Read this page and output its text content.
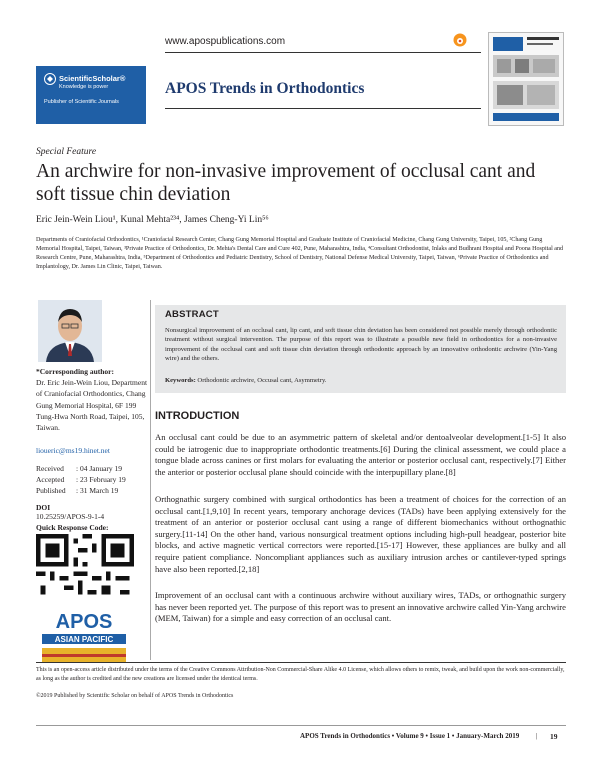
www.apospublications.com
ScientificScholar®
Knowledge is power
Publisher of Scientific Journals
APOS Trends in Orthodontics
Special Feature
An archwire for non-invasive improvement of occlusal cant and soft tissue chin deviation
Eric Jein-Wein Liou¹, Kunal Mehta²³⁴, James Cheng-Yi Lin⁵⁶
Departments of Craniofacial Orthodontics, ¹Craniofacial Research Center, Chang Gung Memorial Hospital and Graduate Institute of Craniofacial Medicine, Chang Gung University, Taipei, 105, ²Chang Gung Memorial Hospital, Taipei, Taiwan, ³Private Practice of Orthodontics, Dr. Mehta's Dental Care and Cure 402, Pune, Maharashtra, India, ⁴Consultant Orthodontist, Inlaks and Budhrani Hospital and Poona Hospital and Research Centre, Pune, Maharashtra, India, ⁵Department of Orthodontics and Pediatric Dentistry, School of Dentistry, National Defense Medical University, Taipei, Taiwan, ⁶Private Practice of Orthodontics and Implantology, Dr. James Lin Clinic, Taipei, Taiwan.
*Corresponding author:
Dr. Eric Jein-Wein Liou, Department of Craniofacial Orthodontics, Chang Gung Memorial Hospital, 6F 199 Tung-Hwa North Road, Taipei, 105, Taiwan.
lioueric@ms19.hinet.net
Received : 04 January 19
Accepted : 23 February 19
Published : 31 March 19
DOI
10.25259/APOS-9-1-4
Quick Response Code:
APOS
ASIAN PACIFIC
ABSTRACT
Nonsurgical improvement of an occlusal cant, lip cant, and soft tissue chin deviation has been considered not possible merely through orthodontic treatment without surgical intervention. The purpose of this report was to illustrate a possible new field in orthodontics for a non-invasive improvement of the occlusal cant and soft tissue chin deviation through orthodontic approach by an innovative orthodontic archwire (Yin-Yang wire) and the others.
Keywords: Orthodontic archwire, Occusal cant, Asymmetry.
INTRODUCTION
An occlusal cant could be due to an asymmetric pattern of skeletal and/or dentoalveolar development.[1-5] It also could be iatrogenic due to inappropriate orthodontic treatments.[6] During the clinical assessment, we could place a tongue blade across canines or first molars for evaluating the anterior or posterior occlusal cant, respectively.[7] Either the anterior or posterior occlusal plane should coincide with the interpupillary plane.[8]
Orthognathic surgery combined with surgical orthodontics has been a treatment of choices for the correction of an occlusal cant.[1,9,10] In recent years, temporary anchorage devices (TADs) have been applying extensively for the treatment of an anterior or posterior occlusal cant using a range of different biomechanics without orthognathic surgery.[11-14] On the other hand, various nonsurgical treatment options including high-pull headgear, posterior bite blocks, and active magnetic vertical correctors were reported.[15-17] However, these appliances are bulky and all require patient compliance. Noncompliant appliances such as auxiliary intrusion arches or cantilever-typed springs have also been reported.[2,18]
Improvement of an occlusal cant with a continuous archwire without auxiliary wires, TADs, or orthognathic surgery has never been reported yet. The purpose of this report was to present an innovative archwire called Yin-Yang archwire (MEM, Taiwan) for a simple and easy correction of an occlusal cant.
This is an open-access article distributed under the terms of the Creative Commons Attribution-Non Commercial-Share Alike 4.0 License, which allows others to remix, tweak, and build upon the work non-commercially, as long as the author is credited and the new creations are licensed under the identical terms.
©2019 Published by Scientific Scholar on behalf of APOS Trends in Orthodontics
APOS Trends in Orthodontics • Volume 9 • Issue 1 • January-March 2019 | 19
